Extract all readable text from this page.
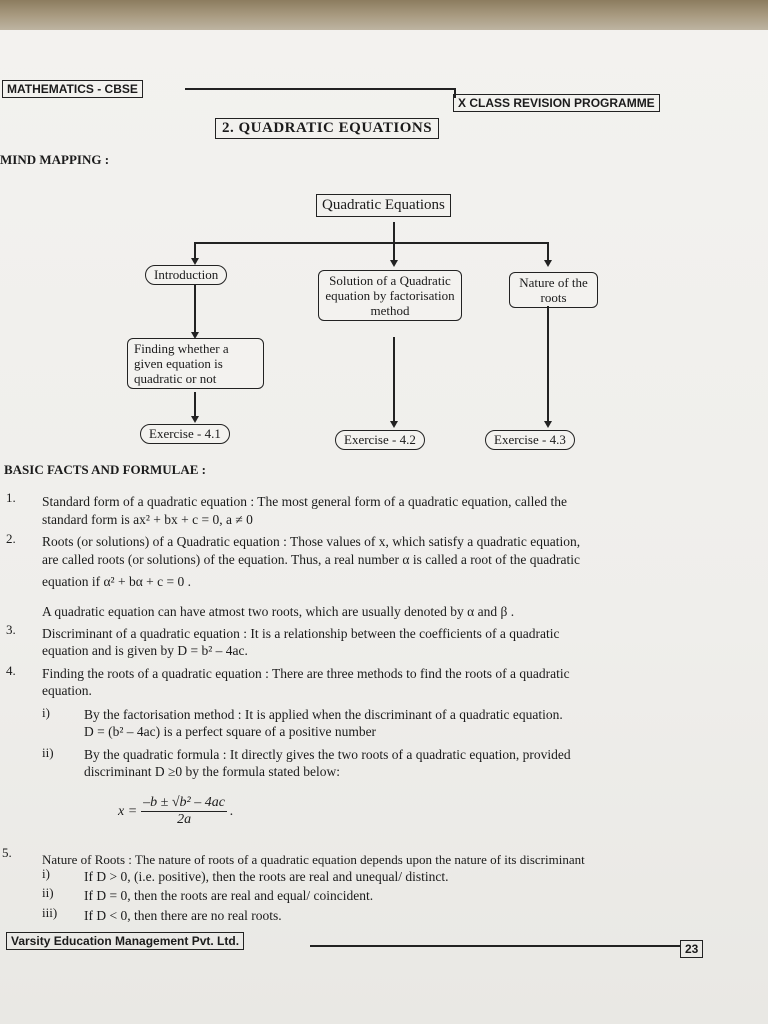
MATHEMATICS - CBSE
X CLASS REVISION PROGRAMME
2. QUADRATIC EQUATIONS
MIND MAPPING :
Quadratic Equations
Introduction	Solution of a Quadratic equation by factorisation method
Nature of the roots
Finding whether a given equation is quadratic or not
Exercise - 4.1	Exercise - 4.2	Exercise - 4.3
BASIC FACTS AND FORMULAE :
1. Standard form of a quadratic equation : The most general form of a quadratic equation, called the
standard form is ax² + bx + c = 0, a ≠ 0
2. Roots (or solutions) of a Quadratic equation : Those values of x, which satisfy a quadratic equation,
are called roots (or solutions) of the equation. Thus, a real number α is called a root of the quadratic
equation if α² + bα + c = 0 .
A quadratic equation can have atmost two roots, which are usually denoted by α and β .
3. Discriminant of a quadratic equation : It is a relationship between the coefficients of a quadratic
equation and is given by D = b² – 4ac.
4. Finding the roots of a quadratic equation : There are three methods to find the roots of a quadratic
equation.
i)	By the factorisation method : It is applied when the discriminant of a quadratic equation.
D = (b² – 4ac) is a perfect square of a positive number
ii) By the quadratic formula : It directly gives the two roots of a quadratic equation, provided
discriminant D ≥0 by the formula stated below:
$x = \frac{\text{–b ± √b² – 4ac}}{2a}$ .
5. Nature of Roots : The nature of roots of a quadratic equation depends upon the nature of its discriminant
i)	If D > 0, (i.e. positive), then the roots are real and unequal/ distinct.
ii) If D = 0, then the roots are real and equal/ coincident.
iii) If D < 0, then there are no real roots.
Varsity Education Management Pvt. Ltd.
23
